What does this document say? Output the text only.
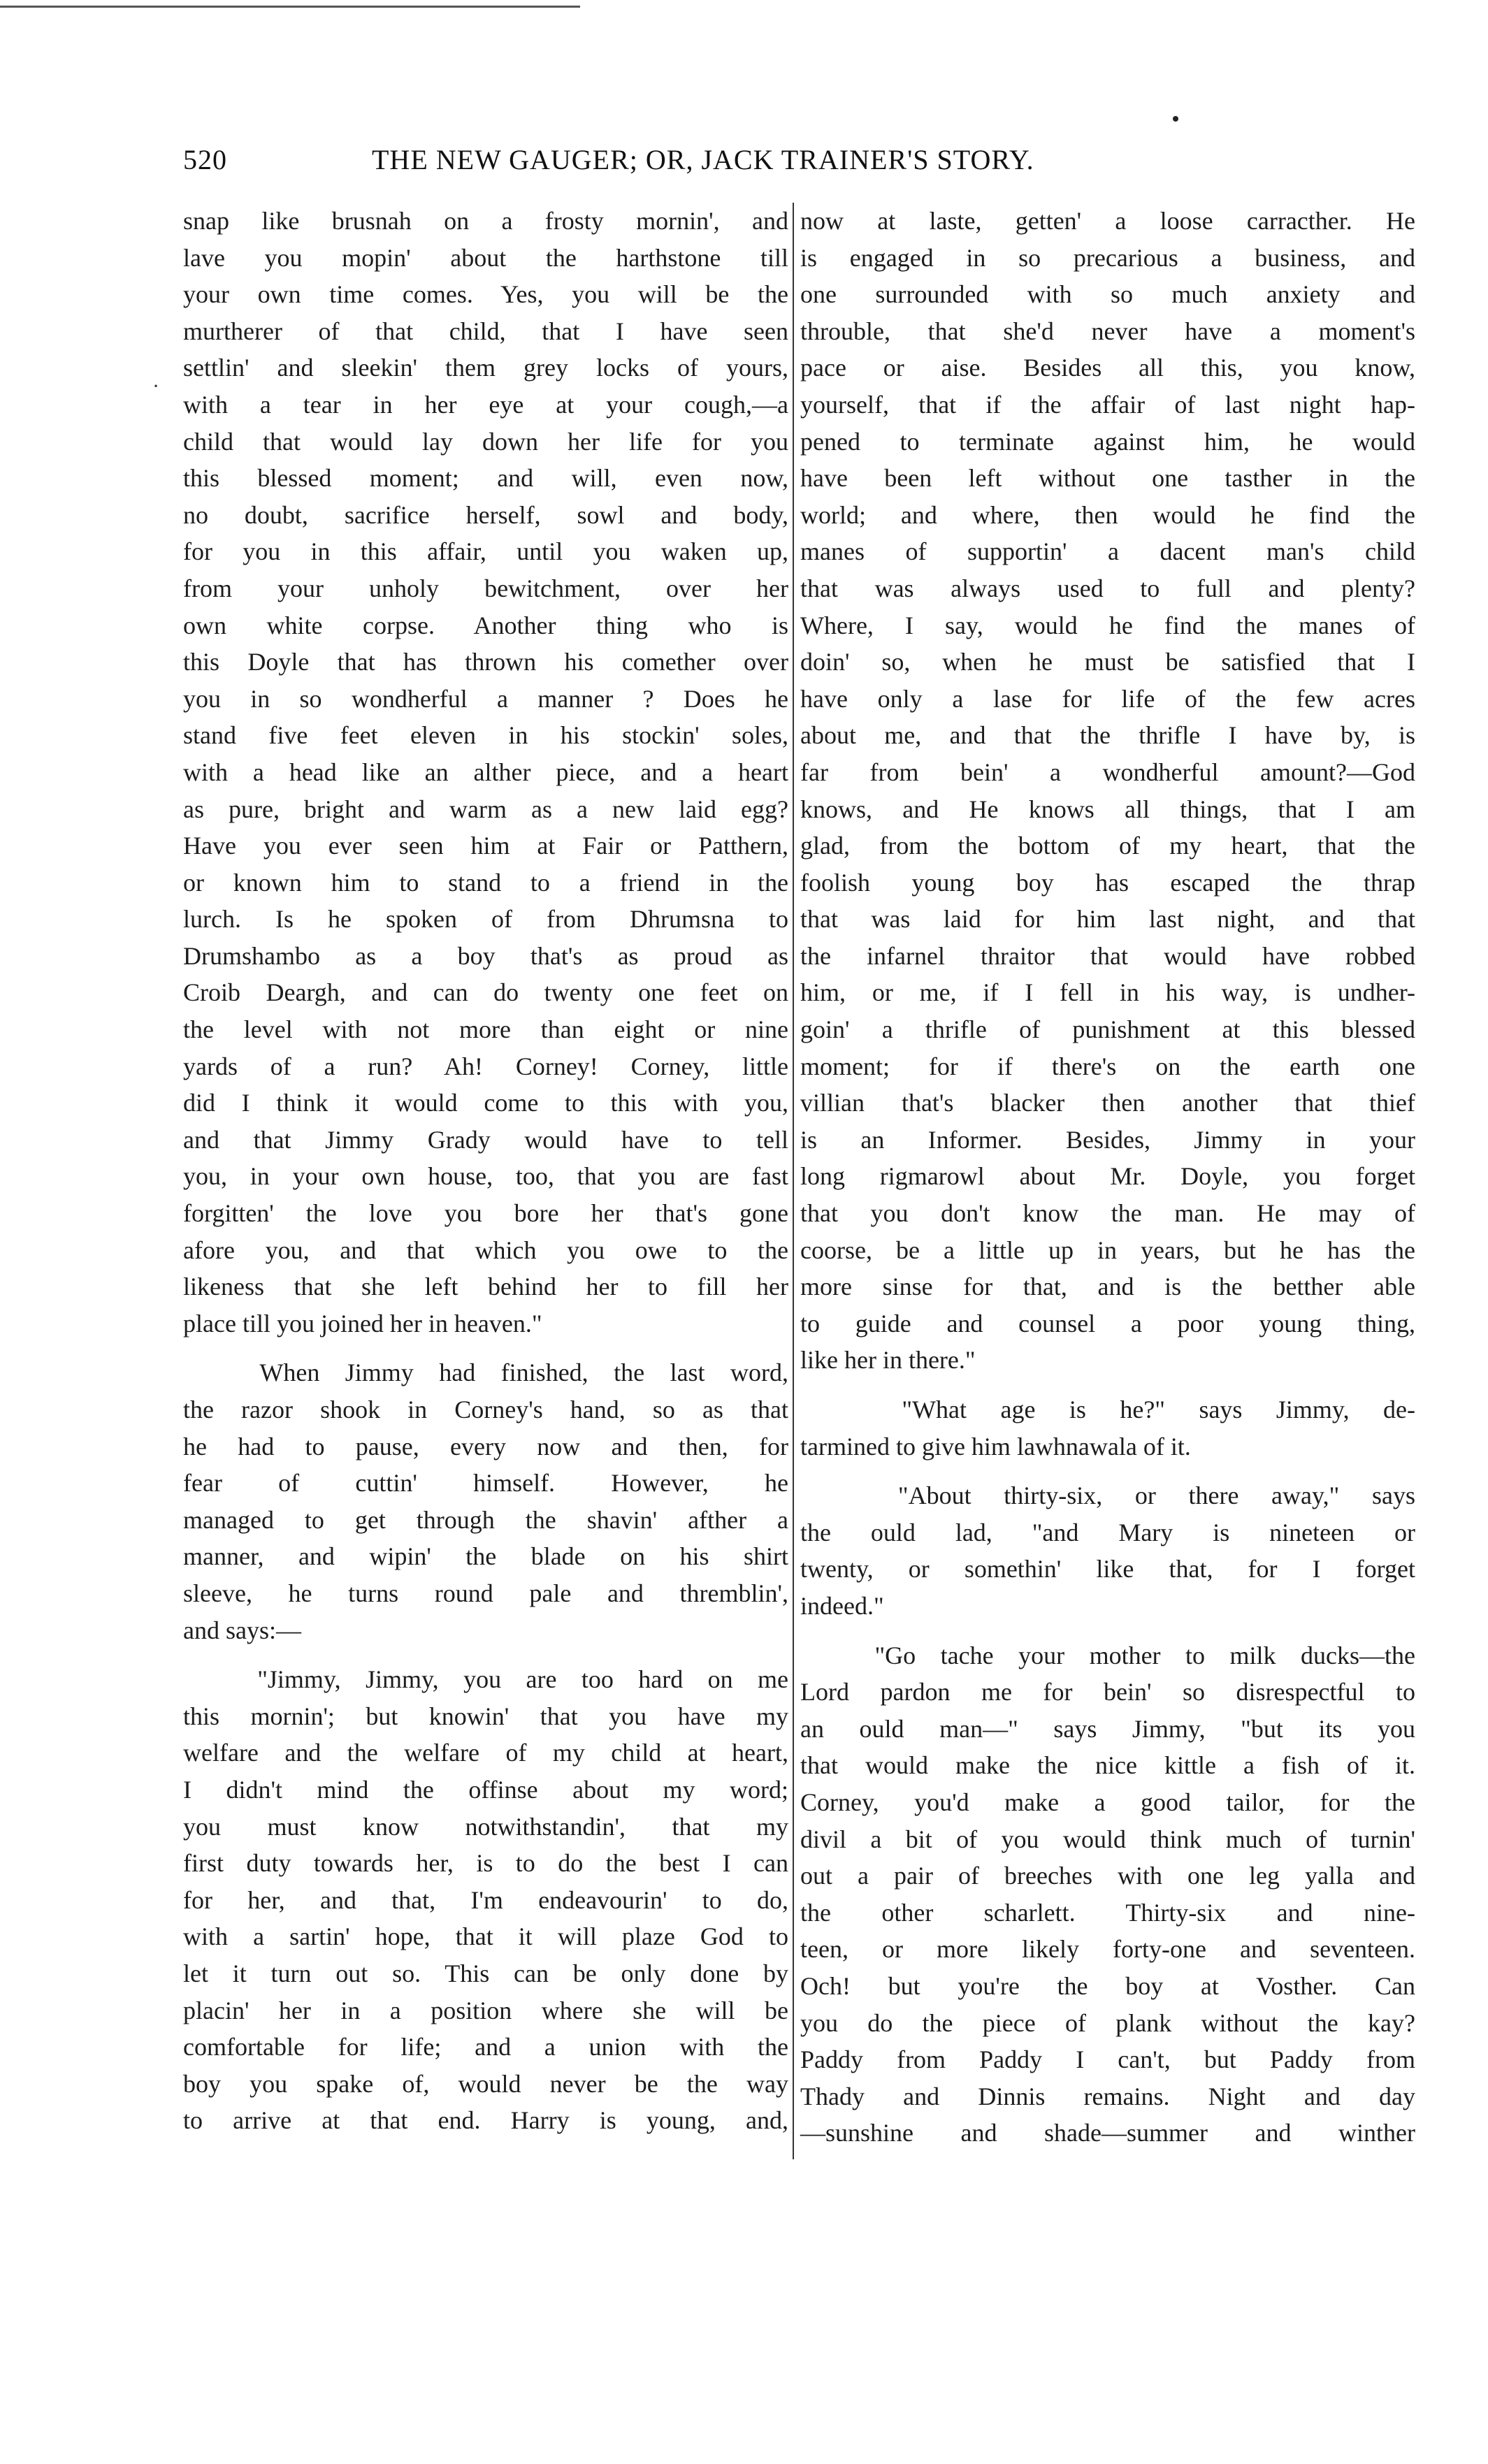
·
520	THE NEW GAUGER; OR, JACK TRAINER'S STORY.
snap like brusnah on a frosty mornin', and
lave you mopin' about the harthstone till
your own time comes. Yes, you will be the
murtherer of that child, that I have seen
settlin' and sleekin' them grey locks of yours,
with a tear in her eye at your cough,—a
child that would lay down her life for you
this blessed moment; and will, even now,
no doubt, sacrifice herself, sowl and body,
for you in this affair, until you waken up,
from your unholy bewitchment, over her
own white corpse. Another thing who is
this Doyle that has thrown his comether over
you in so wondherful a manner ? Does he
stand five feet eleven in his stockin' soles,
with a head like an alther piece, and a heart
as pure, bright and warm as a new laid egg?
Have you ever seen him at Fair or Patthern,
or known him to stand to a friend in the
lurch. Is he spoken of from Dhrumsna to
Drumshambo as a boy that's as proud as
Croib Deargh, and can do twenty one feet on
the level with not more than eight or nine
yards of a run? Ah! Corney! Corney, little
did I think it would come to this with you,
and that Jimmy Grady would have to tell
you, in your own house, too, that you are fast
forgitten' the love you bore her that's gone
afore you, and that which you owe to the
likeness that she left behind her to fill her
place till you joined her in heaven."
When Jimmy had finished, the last word,
the razor shook in Corney's hand, so as that
he had to pause, every now and then, for
fear of cuttin' himself. However, he
managed to get through the shavin' afther a
manner, and wipin' the blade on his shirt
sleeve, he turns round pale and thremblin',
and says:—
"Jimmy, Jimmy, you are too hard on me
this mornin'; but knowin' that you have my
welfare and the welfare of my child at heart,
I didn't mind the offinse about my word;
you must know notwithstandin', that my
first duty towards her, is to do the best I can
for her, and that, I'm endeavourin' to do,
with a sartin' hope, that it will plaze God to
let it turn out so. This can be only done by
placin' her in a position where she will be
comfortable for life; and a union with the
boy you spake of, would never be the way
to arrive at that end. Harry is young, and,
now at laste, getten' a loose carracther. He
is engaged in so precarious a business, and
one surrounded with so much anxiety and
throuble, that she'd never have a moment's
pace or aise. Besides all this, you know,
yourself, that if the affair of last night hap-
pened to terminate against him, he would
have been left without one tasther in the
world; and where, then would he find the
manes of supportin' a dacent man's child
that was always used to full and plenty?
Where, I say, would he find the manes of
doin' so, when he must be satisfied that I
have only a lase for life of the few acres
about me, and that the thrifle I have by, is
far from bein' a wondherful amount?—God
knows, and He knows all things, that I am
glad, from the bottom of my heart, that the
foolish young boy has escaped the thrap
that was laid for him last night, and that
the infarnel thraitor that would have robbed
him, or me, if I fell in his way, is undher-
goin' a thrifle of punishment at this blessed
moment; for if there's on the earth one
villian that's blacker then another that thief
is an Informer. Besides, Jimmy in your
long rigmarowl about Mr. Doyle, you forget
that you don't know the man. He may of
coorse, be a little up in years, but he has the
more sinse for that, and is the betther able
to guide and counsel a poor young thing,
like her in there."
"What age is he?" says Jimmy, de-
tarmined to give him lawhnawala of it.
"About thirty-six, or there away," says
the ould lad, "and Mary is nineteen or
twenty, or somethin' like that, for I forget
indeed."
"Go tache your mother to milk ducks—the
Lord pardon me for bein' so disrespectful to
an ould man—" says Jimmy, "but its you
that would make the nice kittle a fish of it.
Corney, you'd make a good tailor, for the
divil a bit of you would think much of turnin'
out a pair of breeches with one leg yalla and
the other scharlett. Thirty-six and nine-
teen, or more likely forty-one and seventeen.
Och! but you're the boy at Vosther. Can
you do the piece of plank without the kay?
Paddy from Paddy I can't, but Paddy from
Thady and Dinnis remains. Night and day
—sunshine and shade—summer and winther
